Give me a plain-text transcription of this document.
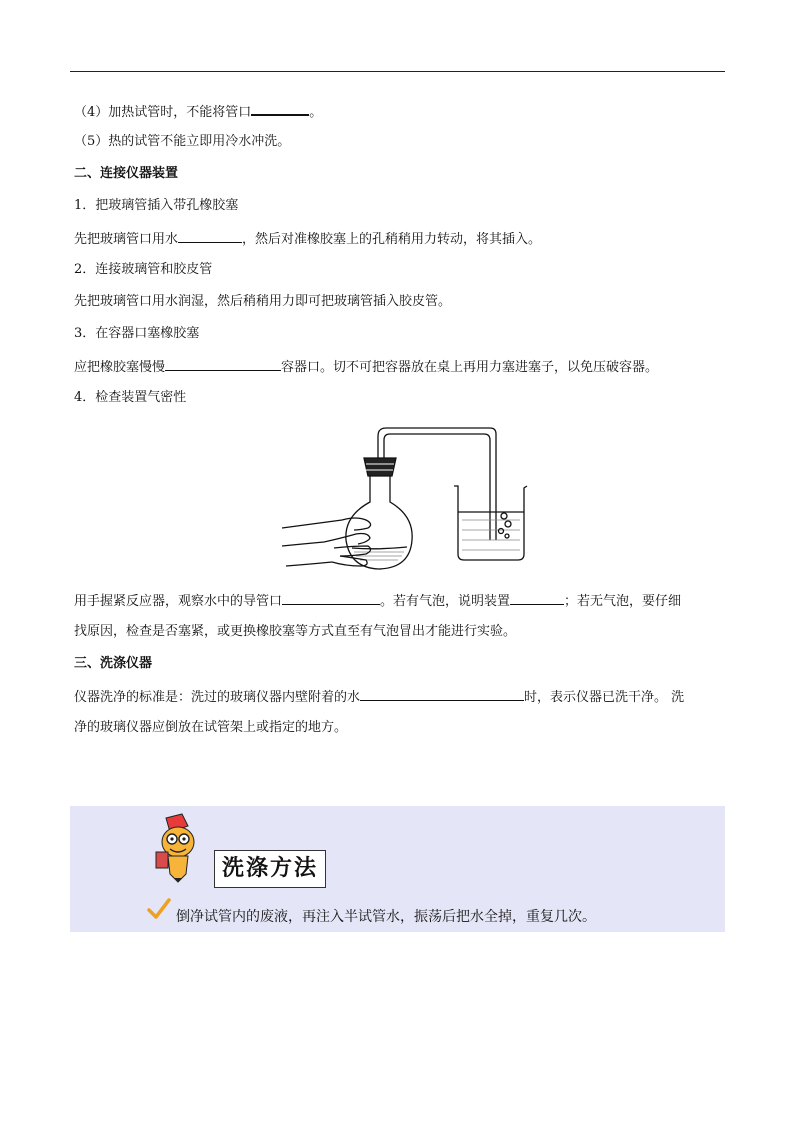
（4）加热试管时，不能将管口	。
（5）热的试管不能立即用冷水冲洗。
二、连接仪器装置
1．把玻璃管插入带孔橡胶塞
先把玻璃管口用水	，然后对准橡胶塞上的孔稍稍用力转动，将其插入。
2．连接玻璃管和胶皮管
先把玻璃管口用水润湿，然后稍稍用力即可把玻璃管插入胶皮管。
3．在容器口塞橡胶塞
应把橡胶塞慢慢	容器口。切不可把容器放在桌上再用力塞进塞子，以免压破容器。
4．检查装置气密性
用手握紧反应器，观察水中的导管口	。若有气泡，说明装置	；若无气泡，要仔细
找原因，检查是否塞紧，或更换橡胶塞等方式直至有气泡冒出才能进行实验。
三、洗涤仪器
仪器洗净的标准是：洗过的玻璃仪器内壁附着的水	时，表示仪器已洗干净。 洗
净的玻璃仪器应倒放在试管架上或指定的地方。
洗涤方法
倒净试管内的废液，再注入半试管水，振荡后把水全掉，重复几次。
